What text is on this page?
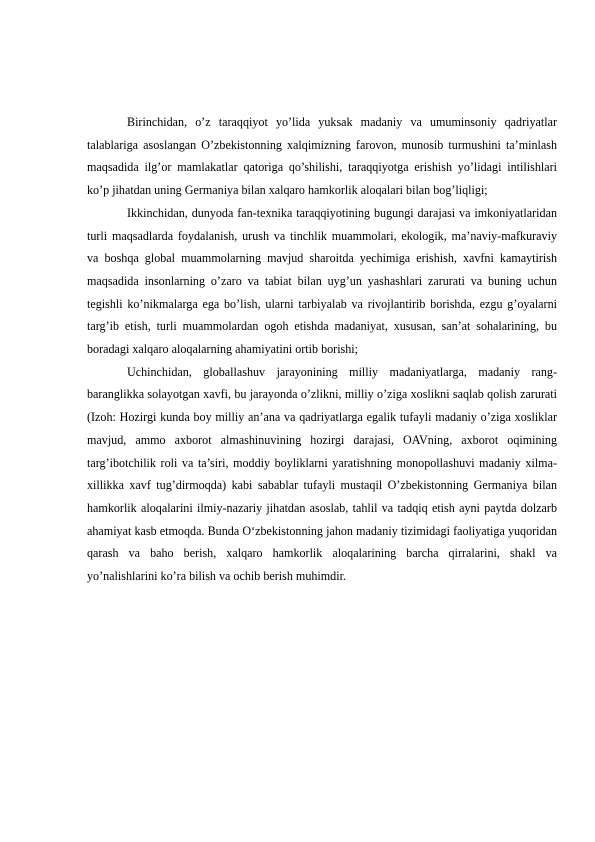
Birinchidan, o’z taraqqiyot yo’lida yuksak madaniy va umuminsoniy qadriyatlar talablariga asoslangan O’zbekistonning xalqimizning farovon, munosib turmushini ta’minlash maqsadida ilg’or mamlakatlar qatoriga qo’shilishi, taraqqiyotga erishish yo’lidagi intilishlari ko’p jihatdan uning Germaniya bilan xalqaro hamkorlik aloqalari bilan bog’liqligi;

Ikkinchidan, dunyoda fan-texnika taraqqiyotining bugungi darajasi va imkoniyatlaridan turli maqsadlarda foydalanish, urush va tinchlik muammolari, ekologik, ma’naviy-mafkuraviy va boshqa global muammolarning mavjud sharoitda yechimiga erishish, xavfni kamaytirish maqsadida insonlarning o’zaro va tabiat bilan uyg’un yashashlari zarurati va buning uchun tegishli ko’nikmalarga ega bo’lish, ularni tarbiyalab va rivojlantirib borishda, ezgu g’oyalarni targ’ib etish, turli muammolardan ogoh etishda madaniyat, xususan, san’at sohalarining, bu boradagi xalqaro aloqalarning ahamiyatini ortib borishi;

Uchinchidan, globallashuv jarayonining milliy madaniyatlarga, madaniy rang-baranglikka solayotgan xavfi, bu jarayonda o’zlikni, milliy o’ziga xoslikni saqlab qolish zarurati (Izoh: Hozirgi kunda boy milliy an’ana va qadriyatlarga egalik tufayli madaniy o’ziga xosliklar mavjud, ammo axborot almashinuvining hozirgi darajasi, OAVning, axborot oqimining targ’ibotchilik roli va ta’siri, moddiy boyliklarni yaratishning monopollashuvi madaniy xilma-xillikka xavf tug’dirmoqda) kabi sabablar tufayli mustaqil O’zbekistonning Germaniya bilan hamkorlik aloqalarini ilmiy-nazariy jihatdan asoslab, tahlil va tadqiq etish ayni paytda dolzarb ahamiyat kasb etmoqda. Bunda O‘zbekistonning jahon madaniy tizimidagi faoliyatiga yuqoridan qarash va baho berish, xalqaro hamkorlik aloqalarining barcha qirralarini, shakl va yo’nalishlarini ko’ra bilish va ochib berish muhimdir.
